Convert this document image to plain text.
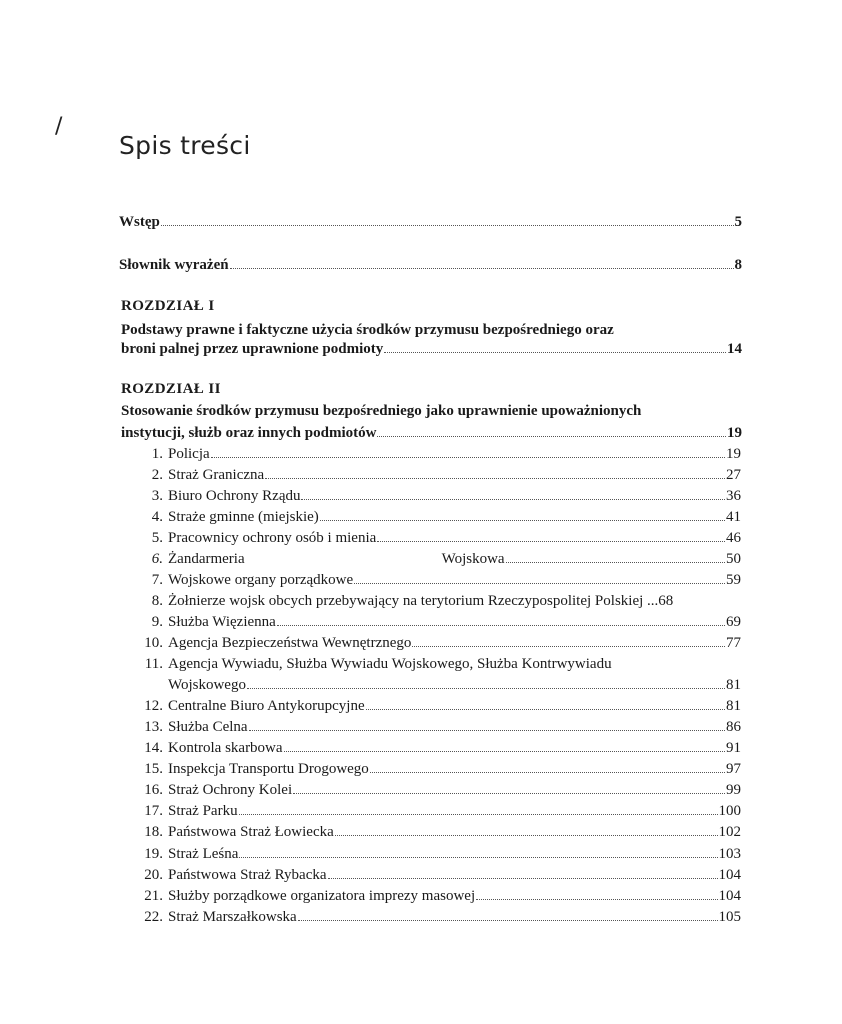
/
Spis treści
Wstęp	5
Słownik wyrażeń	8
ROZDZIAŁ I
Podstawy prawne i faktyczne użycia środków przymusu bezpośredniego oraz
broni palnej przez uprawnione podmioty	14
ROZDZIAŁ II
Stosowanie środków przymusu bezpośredniego jako uprawnienie upoważnionych
instytucji, służb oraz innych podmiotów	19
1. Policja	19
2. Straż Graniczna	27
3. Biuro Ochrony Rządu	36
4. Straże gminne (miejskie)	41
5. Pracownicy ochrony osób i mienia	46
6. Żandarmeria	Wojskowa	50
7. Wojskowe organy porządkowe	59
8. Żołnierze wojsk obcych przebywający na terytorium Rzeczypospolitej Polskiej ... 68
9. Służba Więzienna	69
10. Agencja Bezpieczeństwa Wewnętrznego	77
11. Agencja Wywiadu, Służba Wywiadu Wojskowego, Służba Kontrwywiadu
Wojskowego	81
12. Centralne Biuro Antykorupcyjne	81
13. Służba Celna	86
14. Kontrola skarbowa	91
15. Inspekcja Transportu Drogowego	97
16. Straż Ochrony Kolei	99
17. Straż Parku	100
18. Państwowa Straż Łowiecka	102
19. Straż Leśna	103
20. Państwowa Straż Rybacka	104
21. Służby porządkowe organizatora imprezy masowej	104
22. Straż Marszałkowska	105
